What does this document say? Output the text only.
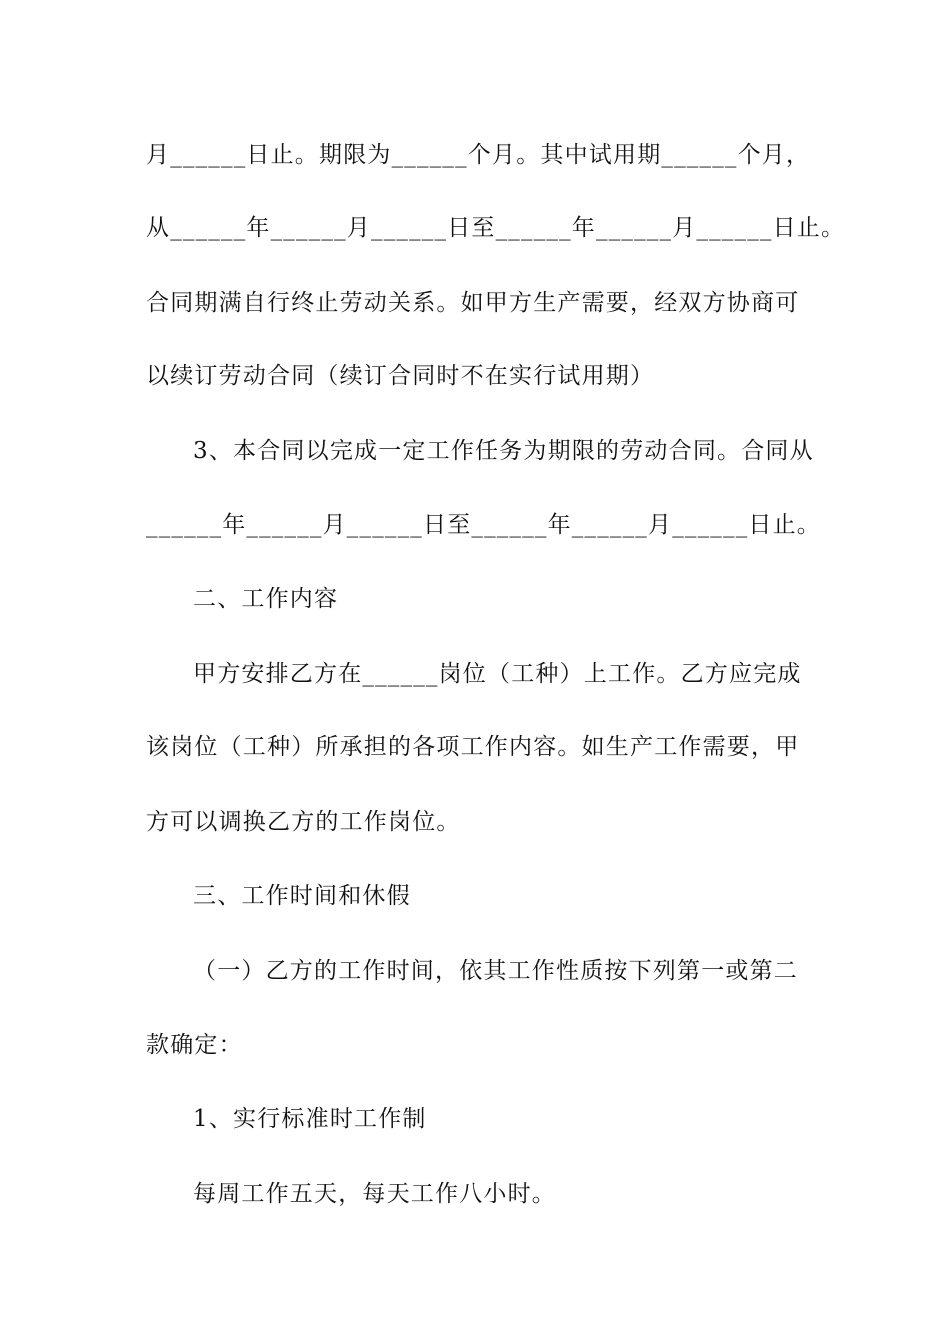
月______日止。期限为______个月。其中试用期______个月，
从______年______月______日至______年______月______日止。
合同期满自行终止劳动关系。如甲方生产需要，经双方协商可
以续订劳动合同（续订合同时不在实行试用期）
3、本合同以完成一定工作任务为期限的劳动合同。合同从
______年______月______日至______年______月______日止。
二、工作内容
甲方安排乙方在______岗位（工种）上工作。乙方应完成
该岗位（工种）所承担的各项工作内容。如生产工作需要，甲
方可以调换乙方的工作岗位。
三、工作时间和休假
（一）乙方的工作时间，依其工作性质按下列第一或第二
款确定：
1、实行标准时工作制
每周工作五天，每天工作八小时。
